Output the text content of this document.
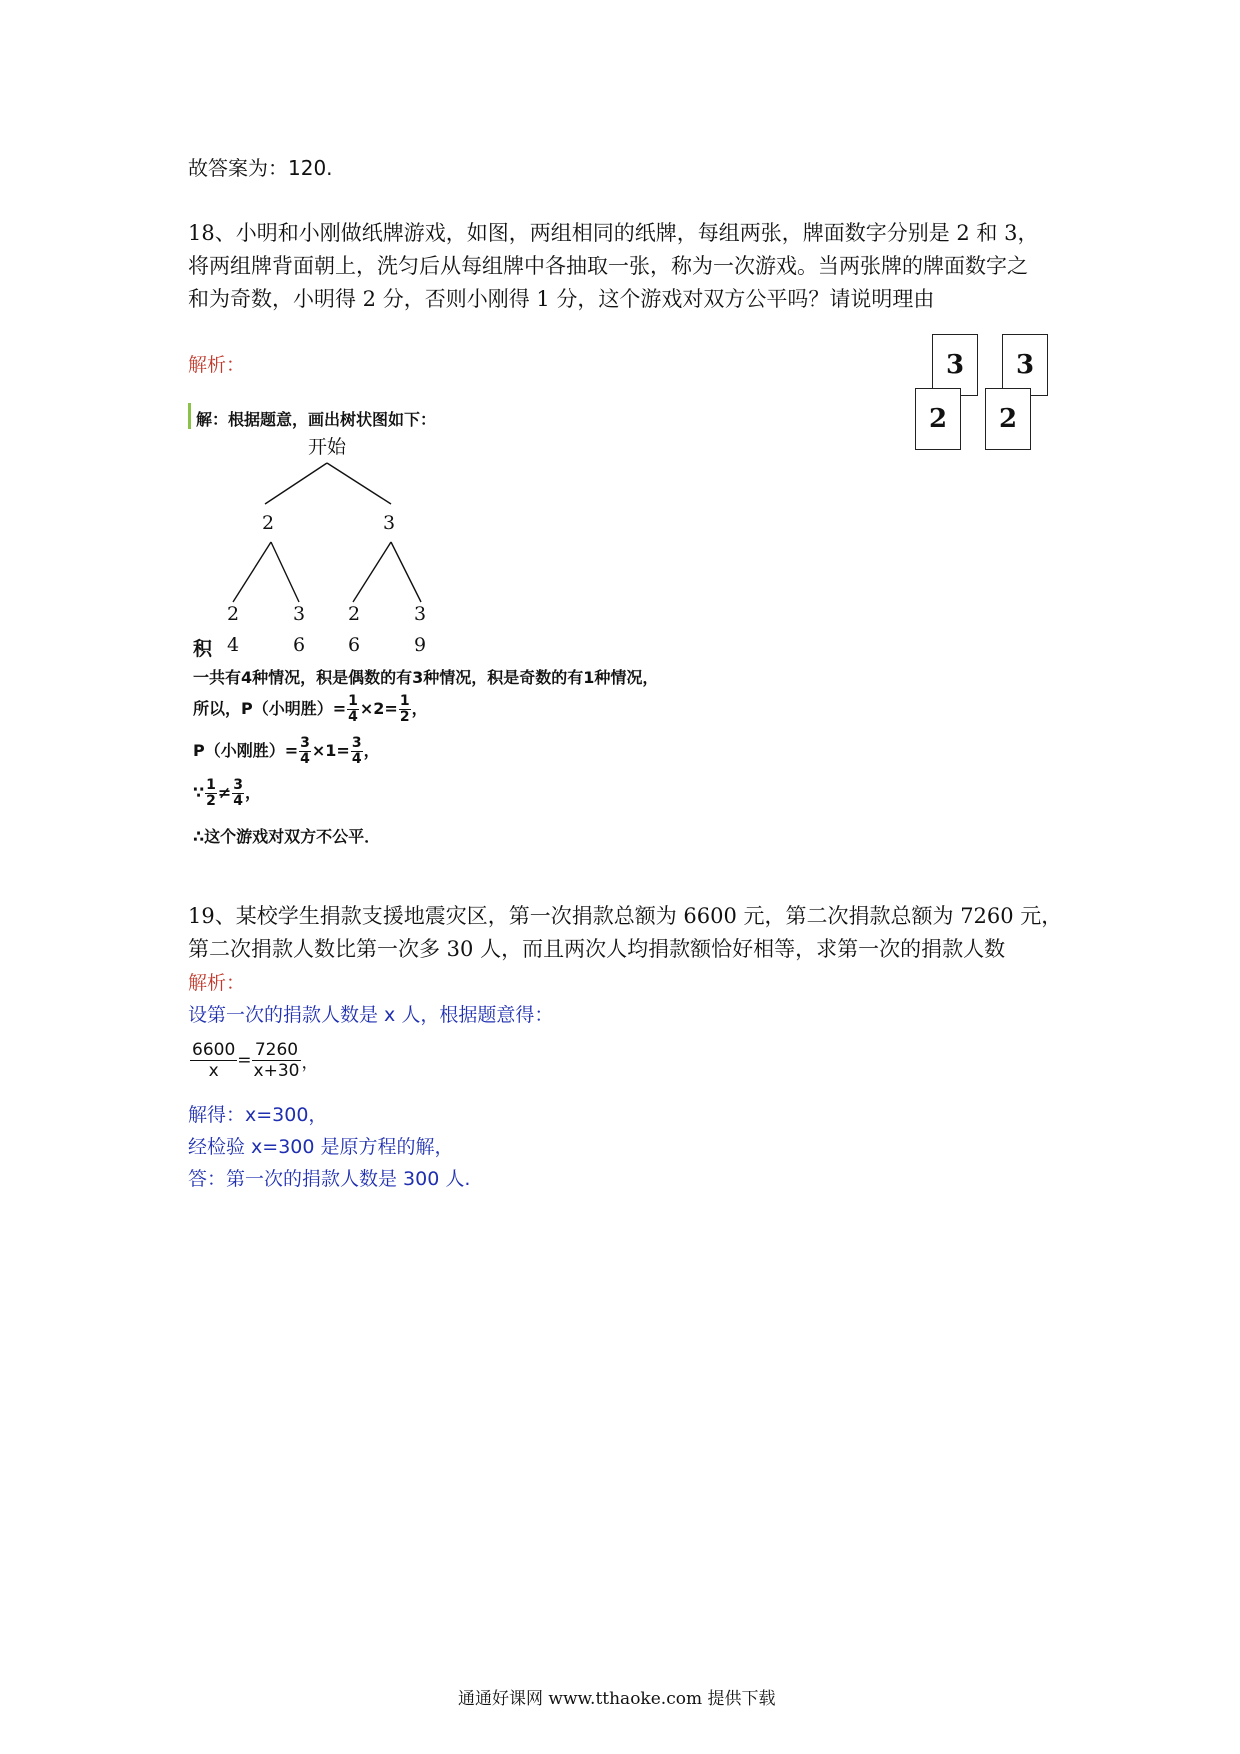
故答案为：120.
18、小明和小刚做纸牌游戏，如图，两组相同的纸牌，每组两张，牌面数字分别是 2 和 3，
将两组牌背面朝上，洗匀后从每组牌中各抽取一张，称为一次游戏。当两张牌的牌面数字之
和为奇数，小明得 2 分，否则小刚得 1 分，这个游戏对双方公平吗？请说明理由
解析：	3
2
3
2
解：根据题意，画出树状图如下：
开始
2	3
2	3 2	3
积 4	6 6	9
一共有4种情况，积是偶数的有3种情况，积是奇数的有1种情况，
所以，P（小明胜）= $\frac{1}{4} \times 2= \frac{1}{2}$ ，
P（小刚胜）= $\frac{3}{4} \times 1= \frac{3}{4}$ ，
∵ $\frac{1}{2} \ne \frac{3}{4}$ ，
∴这个游戏对双方不公平．
19、某校学生捐款支援地震灾区，第一次捐款总额为 6600 元，第二次捐款总额为 7260 元，
第二次捐款人数比第一次多 30 人，而且两次人均捐款额恰好相等，求第一次的捐款人数
解析：
设第一次的捐款人数是 x 人，根据题意得：
$\frac{6600}{x} = \frac{7260}{x+30}$ ，
解得：x=300，
经检验 x=300 是原方程的解，
答：第一次的捐款人数是 300 人.
通通好课网 www.tthaoke.com 提供下载
